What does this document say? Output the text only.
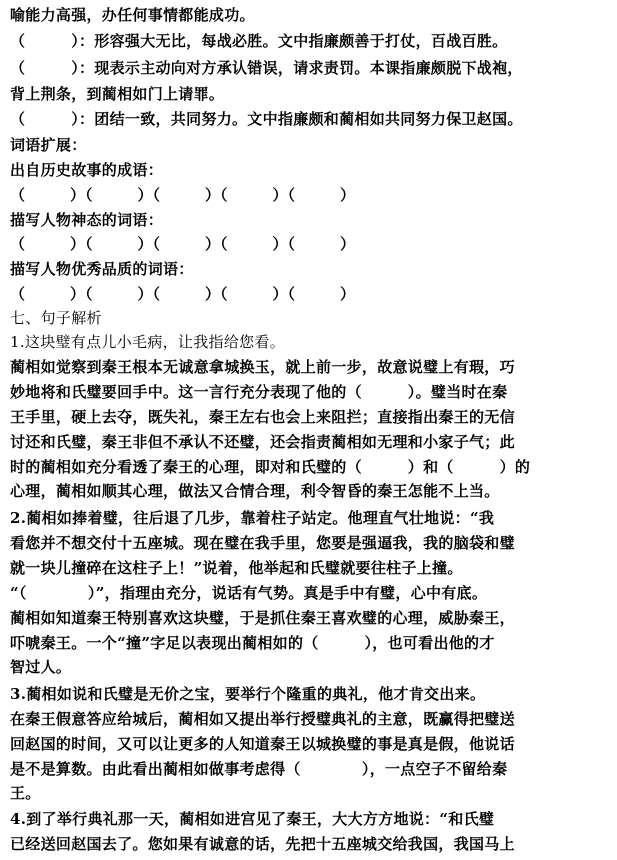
喻能力高强，办任何事情都能成功。
（　　　）：形容强大无比，每战必胜。文中指廉颇善于打仗，百战百胜。
（　　　）：现表示主动向对方承认错误，请求责罚。本课指廉颇脱下战袍，
背上荆条，到蔺相如门上请罪。
（　　　）：团结一致，共同努力。文中指廉颇和蔺相如共同努力保卫赵国。
词语扩展：
出自历史故事的成语：
（　　　）（　　　）（　　　）（　　　）（　　　）
描写人物神态的词语：
（　　　）（　　　）（　　　）（　　　）（　　　）
描写人物优秀品质的词语：
（　　　）（　　　）（　　　）（　　　）（　　　）
七、句子解析
1.这块璧有点儿小毛病，让我指给您看。
蔺相如觉察到秦王根本无诚意拿城换玉，就上前一步，故意说璧上有瑕，巧
妙地将和氏璧要回手中。这一言行充分表现了他的（　　　）。璧当时在秦
王手里，硬上去夺，既失礼，秦王左右也会上来阻拦；直接指出秦王的无信
讨还和氏璧，秦王非但不承认不还璧，还会指责蔺相如无理和小家子气；此
时的蔺相如充分看透了秦王的心理，即对和氏璧的（　　　）和（　　　）的
心理，蔺相如顺其心理，做法又合情合理，利令智昏的秦王怎能不上当。
2.蔺相如捧着璧，往后退了几步，靠着柱子站定。他理直气壮地说：“我
看您并不想交付十五座城。现在璧在我手里，您要是强逼我，我的脑袋和璧
就一块儿撞碎在这柱子上！”说着，他举起和氏璧就要往柱子上撞。
“（　　　　）”，指理由充分，说话有气势。真是手中有璧，心中有底。
蔺相如知道秦王特别喜欢这块璧，于是抓住秦王喜欢璧的心理，威胁秦王，
吓唬秦王。一个“撞”字足以表现出蔺相如的（　　　），也可看出他的才
智过人。
3.蔺相如说和氏璧是无价之宝，要举行个隆重的典礼，他才肯交出来。
在秦王假意答应给城后，蔺相如又提出举行授璧典礼的主意，既赢得把璧送
回赵国的时间，又可以让更多的人知道秦王以城换璧的事是真是假，他说话
是不是算数。由此看出蔺相如做事考虑得（　　　　），一点空子不留给秦
王。
4.到了举行典礼那一天，蔺相如进宫见了秦王，大大方方地说：“和氏璧
已经送回赵国去了。您如果有诚意的话，先把十五座城交给我国，我国马上
